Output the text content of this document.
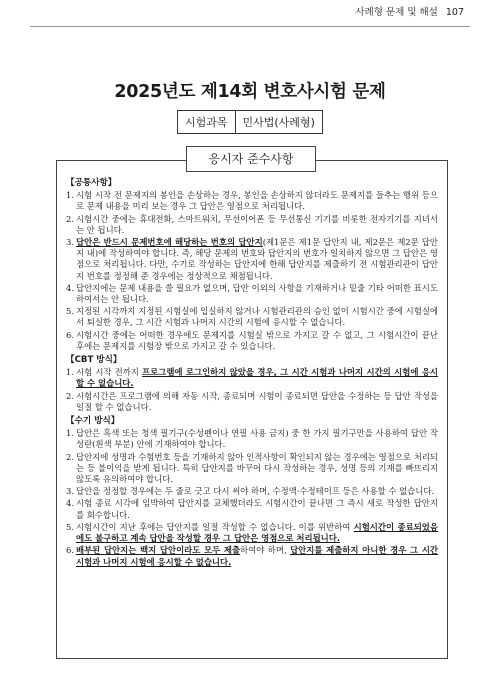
사례형 문제 및 해설 107
2025년도 제14회 변호사시험 문제
시험과목	민사법(사례형)
응시자 준수사항
【공통사항】
1. 시험 시작 전 문제지의 봉인을 손상하는 경우, 봉인을 손상하지 않더라도 문제지를 들추는 행위 등으로 문제 내용을 미리 보는 경우 그 답안은 영점으로 처리됩니다.
2. 시험시간 중에는 휴대전화, 스마트워치, 무선이어폰 등 무선통신 기기를 비롯한 전자기기를 지녀서는 안 됩니다.
3. 답안은 반드시 문제번호에 해당하는 번호의 답안지(제1문은 제1문 답안지 내, 제2문은 제2문 답안지 내)에 작성하여야 합니다. 즉, 해당 문제의 번호와 답안지의 번호가 일치하지 않으면 그 답안은 영점으로 처리됩니다. 다만, 수기로 작성하는 답안지에 한해 답안지를 제출하기 전 시험관리관이 답안지 번호를 정정해 준 경우에는 정상적으로 채점됩니다.
4. 답안지에는 문제 내용을 쓸 필요가 없으며, 답안 이외의 사항을 기재하거나 밑줄 기타 어떠한 표시도 하여서는 안 됩니다.
5. 지정된 시각까지 지정된 시험실에 입실하지 않거나 시험관리관의 승인 없이 시험시간 중에 시험실에서 퇴실한 경우, 그 시간 시험과 나머지 시간의 시험에 응시할 수 없습니다.
6. 시험시간 중에는 어떠한 경우에도 문제지를 시험실 밖으로 가지고 갈 수 없고, 그 시험시간이 끝난 후에는 문제지를 시험장 밖으로 가지고 갈 수 있습니다.
【CBT 방식】
1. 시험 시작 전까지 프로그램에 로그인하지 않았을 경우, 그 시간 시험과 나머지 시간의 시험에 응시할 수 없습니다.
2. 시험시간은 프로그램에 의해 자동 시작, 종료되며 시험이 종료되면 답안을 수정하는 등 답안 작성을 일절 할 수 없습니다.
【수기 방식】
1. 답안은 흑색 또는 청색 필기구(수성펜이나 연필 사용 금지) 중 한 가지 필기구만을 사용하여 답안 작성란(흰색 부분) 안에 기재하여야 합니다.
2. 답안지에 성명과 수험번호 등을 기재하지 않아 인적사항이 확인되지 않는 경우에는 영점으로 처리되는 등 불이익을 받게 됩니다. 특히 답안지를 바꾸어 다시 작성하는 경우, 성명 등의 기재를 빠뜨리지 않도록 유의하여야 합니다.
3. 답안을 정정할 경우에는 두 줄로 긋고 다시 써야 하며, 수정액·수정테이프 등은 사용할 수 없습니다.
4. 시험 종료 시각에 임박하여 답안지를 교체했더라도 시험시간이 끝나면 그 즉시 새로 작성한 답안지를 회수합니다.
5. 시험시간이 지난 후에는 답안지를 일절 작성할 수 없습니다. 이를 위반하여 시험시간이 종료되었음에도 불구하고 계속 답안을 작성할 경우 그 답안은 영점으로 처리됩니다.
6. 배부된 답안지는 백지 답안이라도 모두 제출하여야 하며, 답안지를 제출하지 아니한 경우 그 시간 시험과 나머지 시험에 응시할 수 없습니다.
